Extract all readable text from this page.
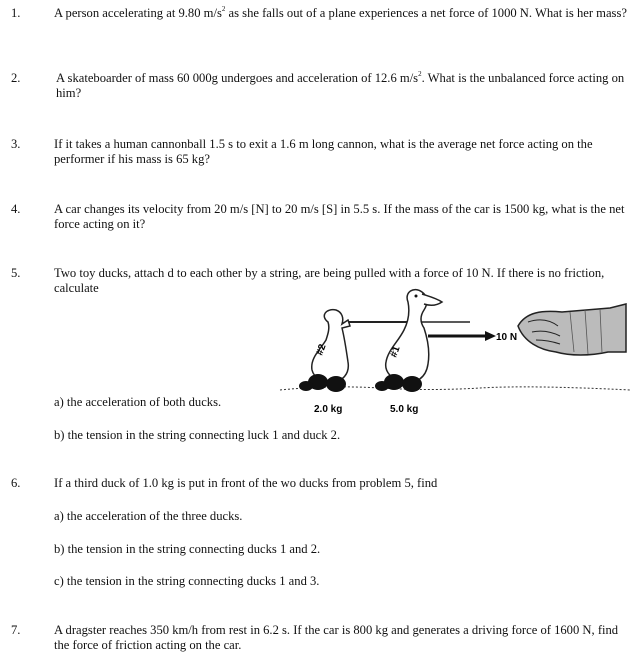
1.	A person accelerating at 9.80 $m/s^2$ as she falls out of a plane experiences a net force of 1000 N. What is her mass?
2.	A skateboarder of mass 60 000g undergoes and acceleration of 12.6 $m/s^2$. What is the unbalanced force acting on him?
3.	If it takes a human cannonball 1.5 s to exit a 1.6 m long cannon, what is the average net force acting on the performer if his mass is 65 kg?
4.	A car changes its velocity from 20 m/s [N] to 20 m/s [S] in 5.5 s. If the mass of the car is 1500 kg, what is the net force acting on it?
5.	Two toy ducks, attach d to each other by a string, are being pulled with a force of 10 N. If there is no friction, calculate
a) the acceleration of both ducks.
b) the tension in the string connecting luck 1 and duck 2.
10 N
#2	#1
2.0 kg	5.0 kg
6.	If a third duck of 1.0 kg is put in front of the wo ducks from problem 5, find
a) the acceleration of the three ducks.
b) the tension in the string connecting ducks 1 and 2.
c) the tension in the string connecting ducks 1 and 3.
7.	A dragster reaches 350 km/h from rest in 6.2 s. If the car is 800 kg and generates a driving force of 1600 N, find the force of friction acting on the car.
